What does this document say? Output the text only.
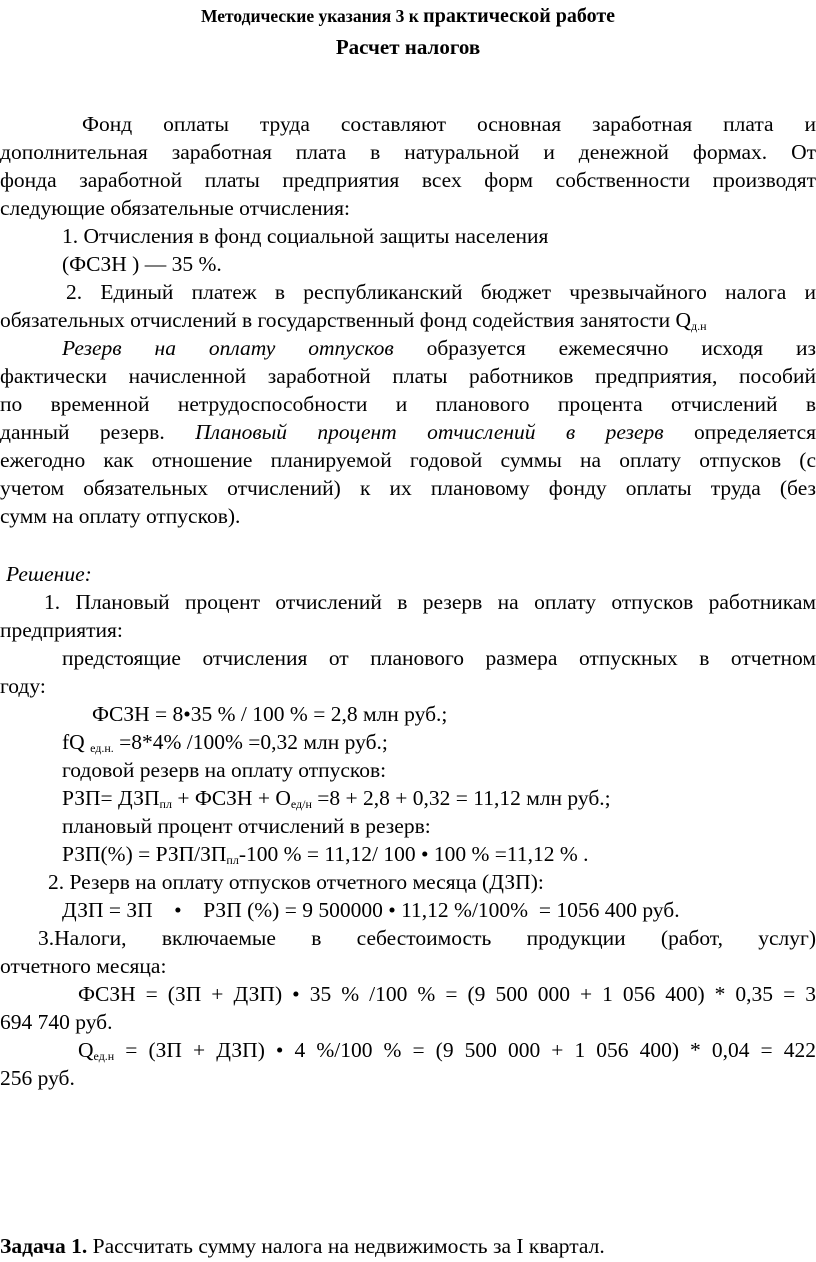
Методические указания 3 к практической работе
Расчет налогов
Фонд оплаты труда составляют основная заработная плата и
дополнительная заработная плата в натуральной и денежной формах. От
фонда заработной платы предприятия всех форм собственности производят
следующие обязательные отчисления:
1. Отчисления в фонд социальной защиты населения
(ФСЗН ) — 35 %.
2. Единый платеж в республиканский бюджет чрезвычайного налога и
обязательных отчислений в государственный фонд содействия занятости $Q_{д.н}$
Резерв на оплату отпусков образуется ежемесячно исходя из
фактически начисленной заработной платы работников предприятия, пособий
по временной нетрудоспособности и планового процента отчислений в
данный резерв. Плановый процент отчислений в резерв определяется
ежегодно как отношение планируемой годовой суммы на оплату отпусков (с
учетом обязательных отчислений) к их плановому фонду оплаты труда (без
сумм на оплату отпусков).
Решение:
1. Плановый процент отчислений в резерв на оплату отпусков работникам
предприятия:
предстоящие отчисления от планового размера отпускных в отчетном
году:
ФСЗН = 8•35 % / 100 % = 2,8 млн руб.;
fQ $_{ед.н.}$ =8*4% /100% =0,32 млн руб.;
годовой резерв на оплату отпусков:
$РЗП= ДЗП_{пл}$ + ФСЗН + $О_{ед/н} =8 + 2,8 + 0,32 = 11,12$ млн руб.;
плановый процент отчислений в резерв:
РЗП(%) = РЗП/$ЗП_{пл}-100$ % = 11,12/ 100 • 100 % =11,12 % .
2. Резерв на оплату отпусков отчетного месяца (ДЗП):
ДЗП = ЗП    •    РЗП (%) = 9 500000 • 11,12 %/100%  = 1056 400 руб.
3.Налоги, включаемые в себестоимость продукции (работ, услуг)
отчетного месяца:
ФСЗН = (ЗП + ДЗП) • 35 % /100 % = (9 500 000 + 1 056 400) * 0,35 = 3
694 740 руб.
$Q_{ед.н} = (ЗП + ДЗП)$ • 4 %/100 % = (9 500 000 + 1 056 400) * 0,04 = 422
256 руб.
Задача 1. Рассчитать сумму налога на недвижимость за I квартал.
